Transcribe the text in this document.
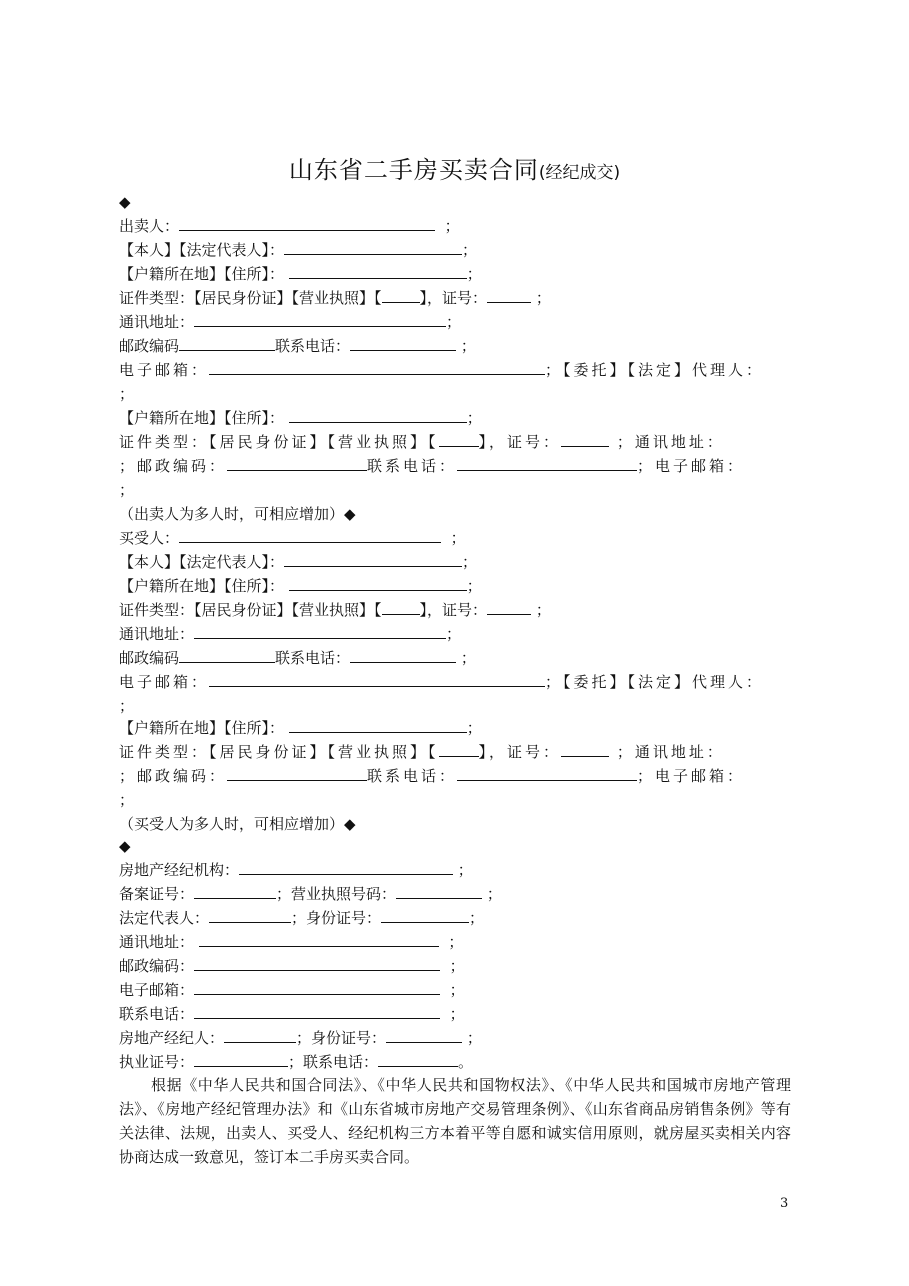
山东省二手房买卖合同(经纪成交)
◆
出卖人：	；
【本人】【法定代表人】：	；
【户籍所在地】【住所】：	；
证件类型：【居民身份证】【营业执照】【	】，证号：	；
通讯地址：	；
邮政编码	联系电话：	；
电子邮箱：	；【委托】【法定】代理人：
；
【户籍所在地】【住所】：	；
证件类型：【居民身份证】【营业执照】【	】，证号：	；通讯地址：
；邮政编码：	联系电话：	；电子邮箱：
；
（出卖人为多人时，可相应增加）◆
买受人：	；
【本人】【法定代表人】：	；
【户籍所在地】【住所】：	；
证件类型：【居民身份证】【营业执照】【	】，证号：	；
通讯地址：	；
邮政编码	联系电话：	；
电子邮箱：	；【委托】【法定】代理人：
；
【户籍所在地】【住所】：	；
证件类型：【居民身份证】【营业执照】【	】，证号：	；通讯地址：
；邮政编码：	联系电话：	；电子邮箱：
；
（买受人为多人时，可相应增加）◆
◆
房地产经纪机构：	；
备案证号：	；营业执照号码：	；
法定代表人：	；身份证号：	；
通讯地址：	；
邮政编码：	；
电子邮箱：	；
联系电话：	；
房地产经纪人：	；身份证号：	；
执业证号：	；联系电话：	。
根据《中华人民共和国合同法》、《中华人民共和国物权法》、《中华人民共和国城市房地产管理法》、《房地产经纪管理办法》和《山东省城市房地产交易管理条例》、《山东省商品房销售条例》等有关法律、法规，出卖人、买受人、经纪机构三方本着平等自愿和诚实信用原则，就房屋买卖相关内容协商达成一致意见，签订本二手房买卖合同。
3
